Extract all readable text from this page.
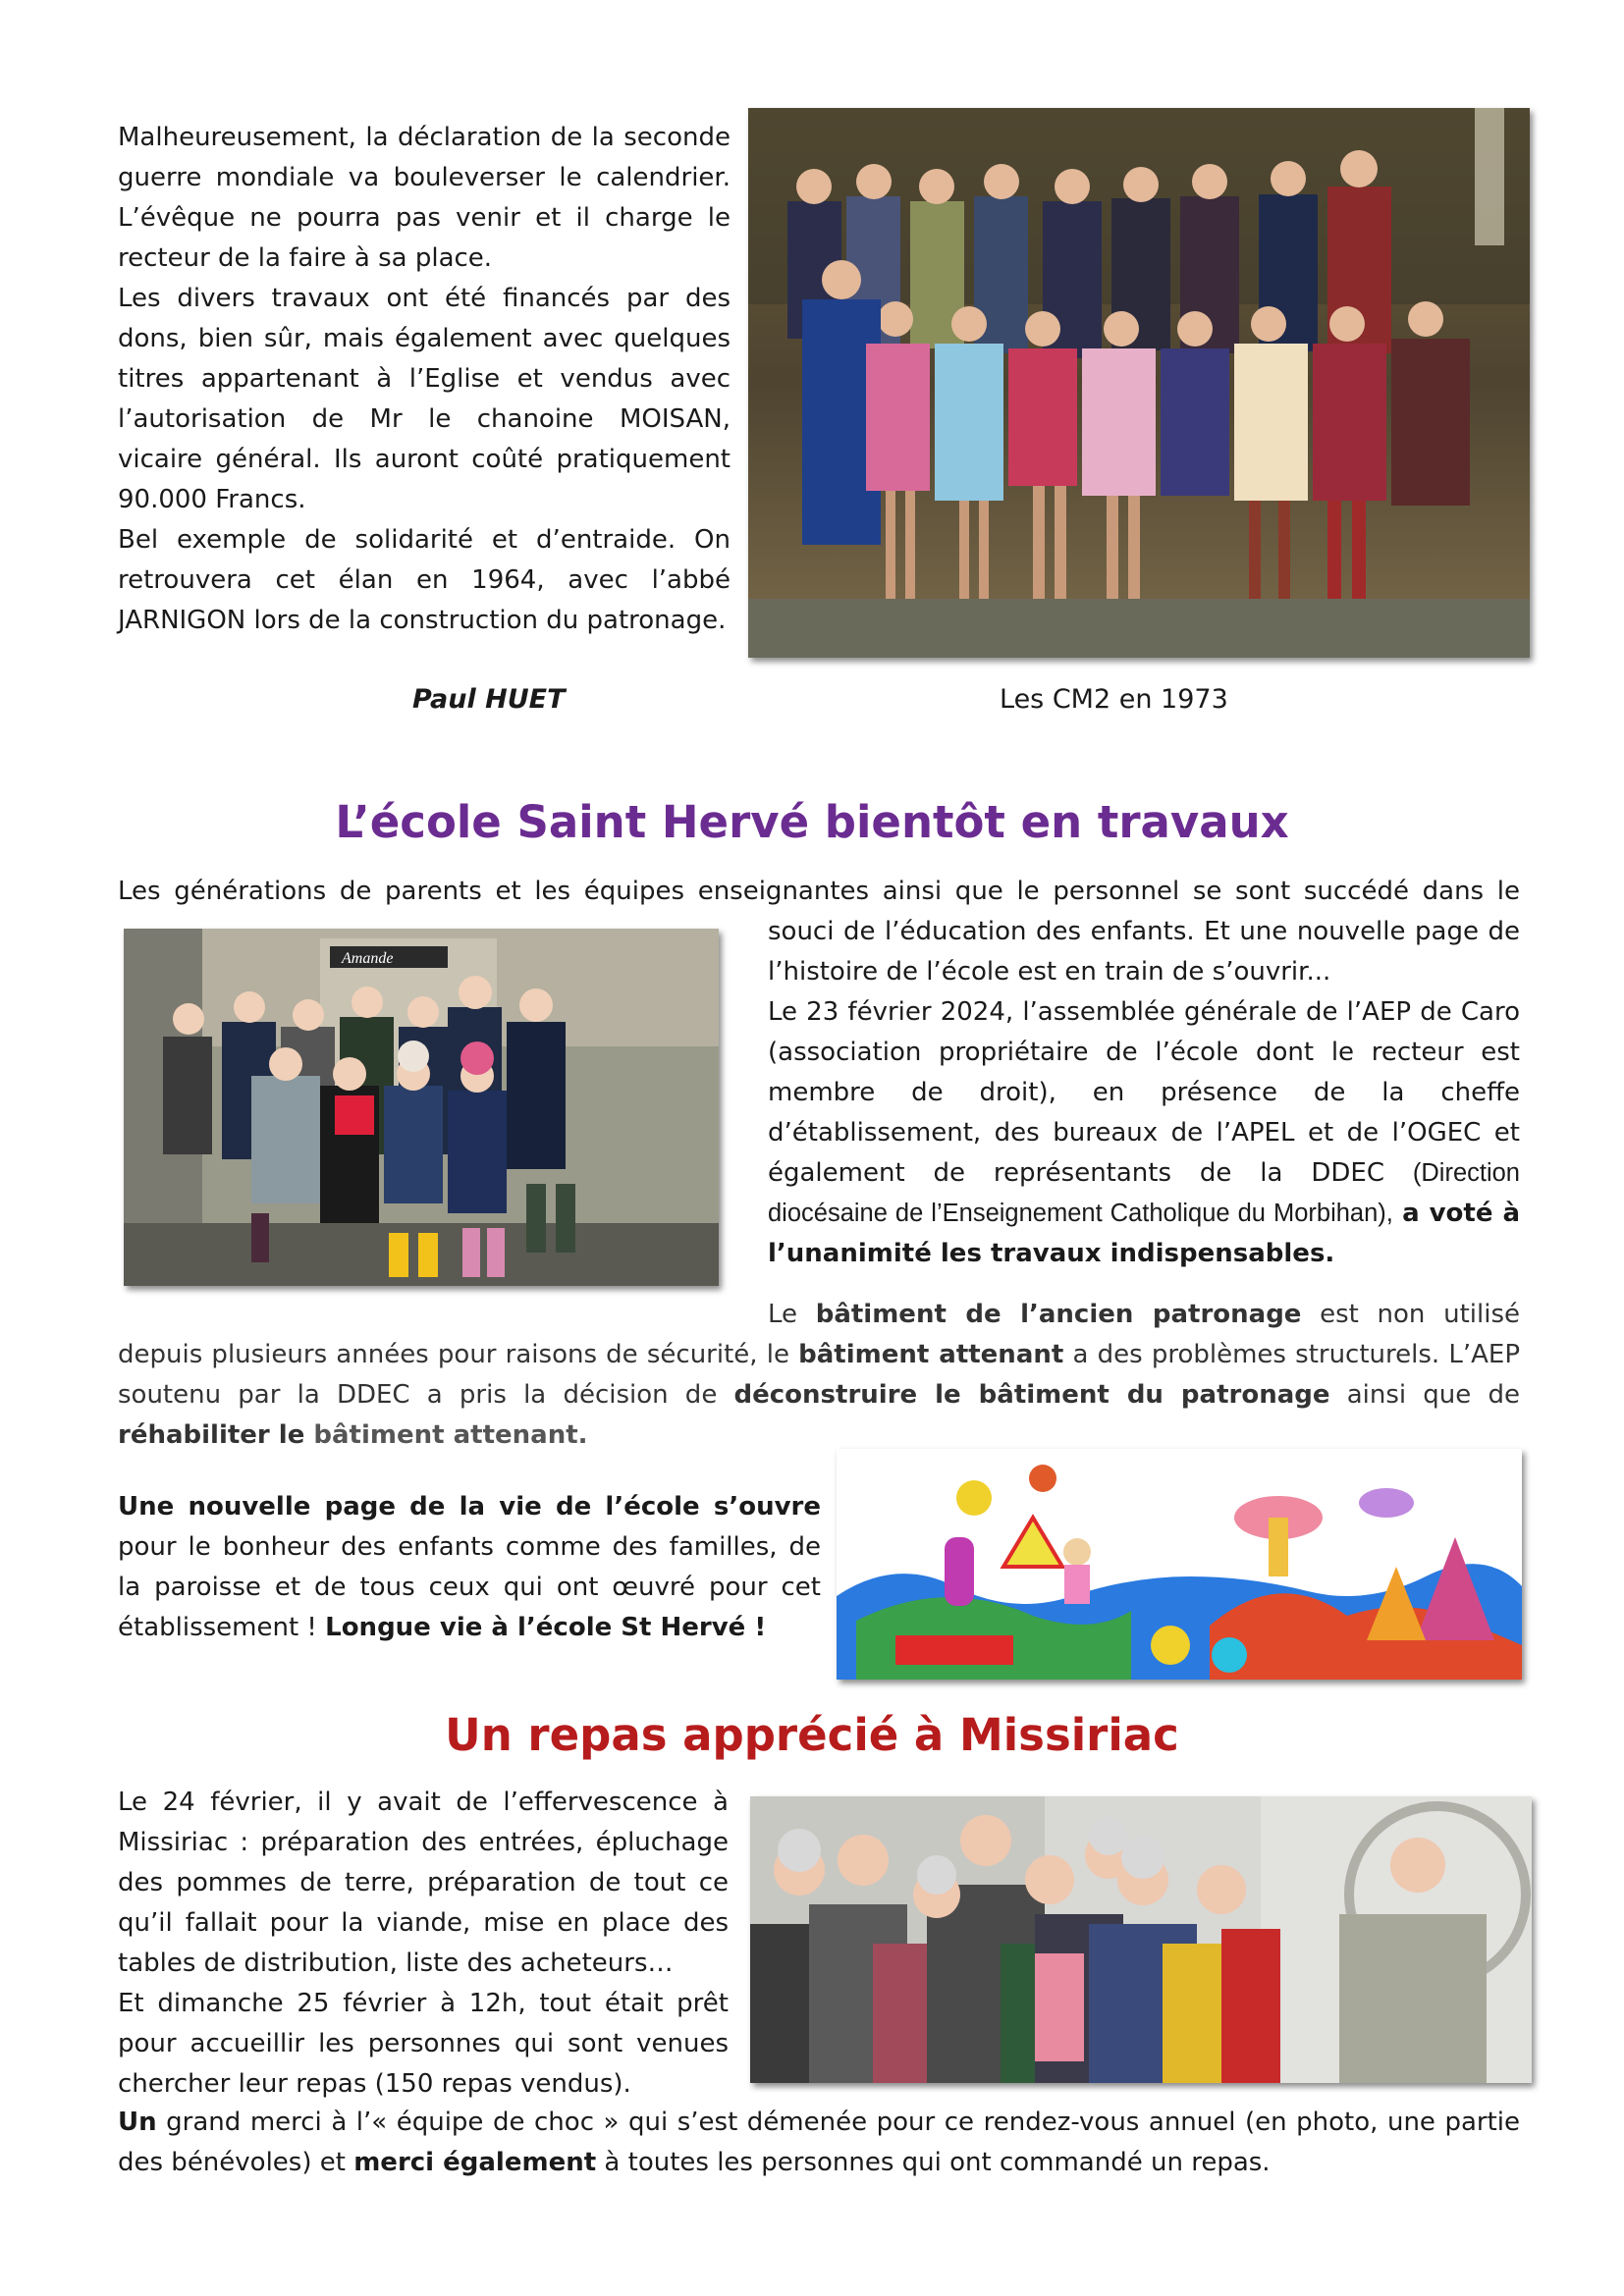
Malheureusement, la déclaration de la seconde guerre mondiale va bouleverser le calendrier. L’évêque ne pourra pas venir et il charge le recteur de la faire à sa place.
Les divers travaux ont été financés par des dons, bien sûr, mais également avec quelques titres appartenant à l’Eglise et vendus avec l’autorisation de Mr le chanoine MOISAN, vicaire général. Ils auront coûté pratiquement 90.000 Francs.
Bel exemple de solidarité et d’entraide. On retrouvera cet élan en 1964, avec l’abbé JARNIGON lors de la construction du patronage.
Paul HUET	Les CM2 en 1973
L’école Saint Hervé bientôt en travaux
Les générations de parents et les équipes enseignantes ainsi que le personnel se sont succédé dans le
Amande
souci de l’éducation des enfants. Et une nouvelle page de l’histoire de l’école est en train de s’ouvrir...
Le 23 février 2024, l’assemblée générale de l’AEP de Caro (association propriétaire de l’école dont le recteur est membre de droit), en présence de la cheffe d’établissement, des bureaux de l’APEL et de l’OGEC et également de représentants de la DDEC (Direction diocésaine de l’Enseignement Catholique du Morbihan), a voté à l’unanimité les travaux indispensables.
Le bâtiment de l’ancien patronage est non utilisé depuis plusieurs années pour raisons de sécurité, le bâtiment attenant a des problèmes structurels. L’AEP soutenu par la DDEC a pris la décision de déconstruire le bâtiment du patronage ainsi que de réhabiliter le bâtiment attenant.
Une nouvelle page de la vie de l’école s’ouvre pour le bonheur des enfants comme des familles, de la paroisse et de tous ceux qui ont œuvré pour cet établissement ! Longue vie à l’école St Hervé !
Un repas apprécié à Missiriac
Le 24 février, il y avait de l’effervescence à Missiriac : préparation des entrées, épluchage des pommes de terre, préparation de tout ce qu’il fallait pour la viande, mise en place des tables de distribution, liste des acheteurs…
Et dimanche 25 février à 12h, tout était prêt pour accueillir les personnes qui sont venues chercher leur repas (150 repas vendus).
Un grand merci à l’« équipe de choc » qui s’est démenée pour ce rendez-vous annuel (en photo, une partie des bénévoles) et merci également à toutes les personnes qui ont commandé un repas.
